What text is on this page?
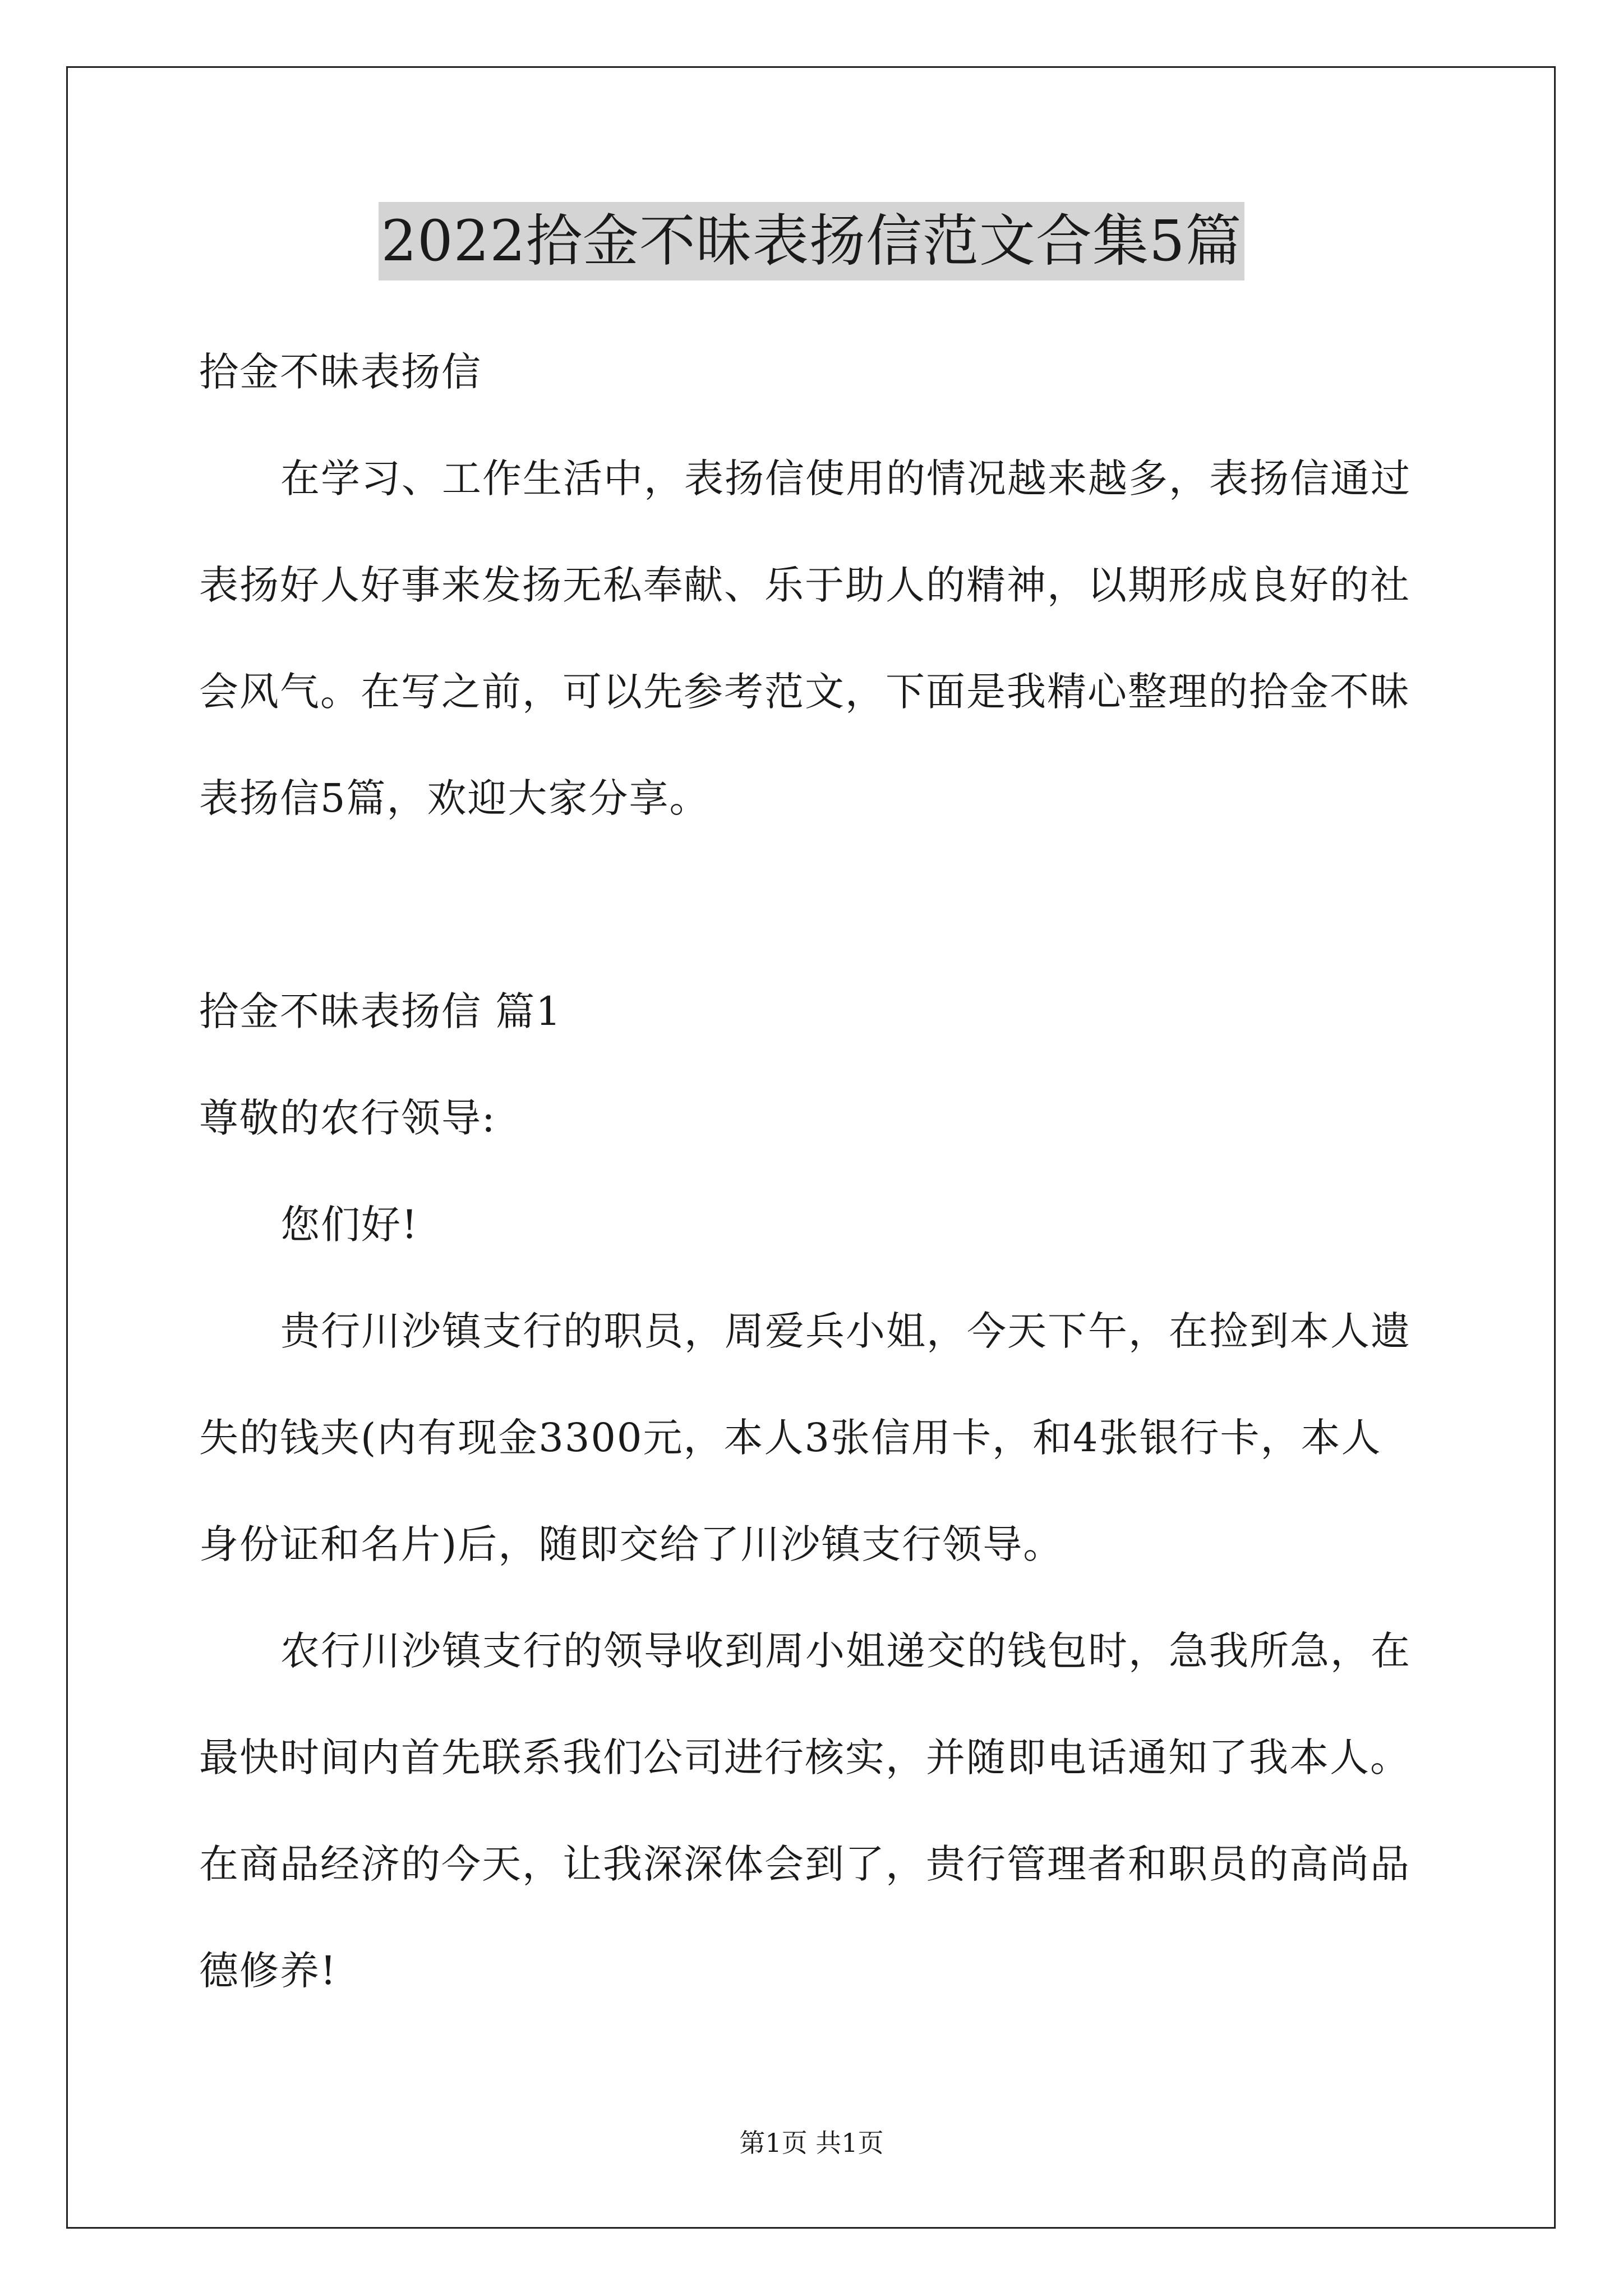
2022拾金不昧表扬信范文合集5篇

拾金不昧表扬信

在学习、工作生活中，表扬信使用的情况越来越多，表扬信通过

表扬好人好事来发扬无私奉献、乐于助人的精神，以期形成良好的社

会风气。在写之前，可以先参考范文，下面是我精心整理的拾金不昧

表扬信5篇，欢迎大家分享。

拾金不昧表扬信 篇1

尊敬的农行领导:

您们好!

贵行川沙镇支行的职员，周爱兵小姐，今天下午，在捡到本人遗

失的钱夹(内有现金3300元，本人3张信用卡，和4张银行卡，本人

身份证和名片)后，随即交给了川沙镇支行领导。

农行川沙镇支行的领导收到周小姐递交的钱包时，急我所急，在

最快时间内首先联系我们公司进行核实，并随即电话通知了我本人。

在商品经济的今天，让我深深体会到了，贵行管理者和职员的高尚品

德修养!

第1页 共1页
